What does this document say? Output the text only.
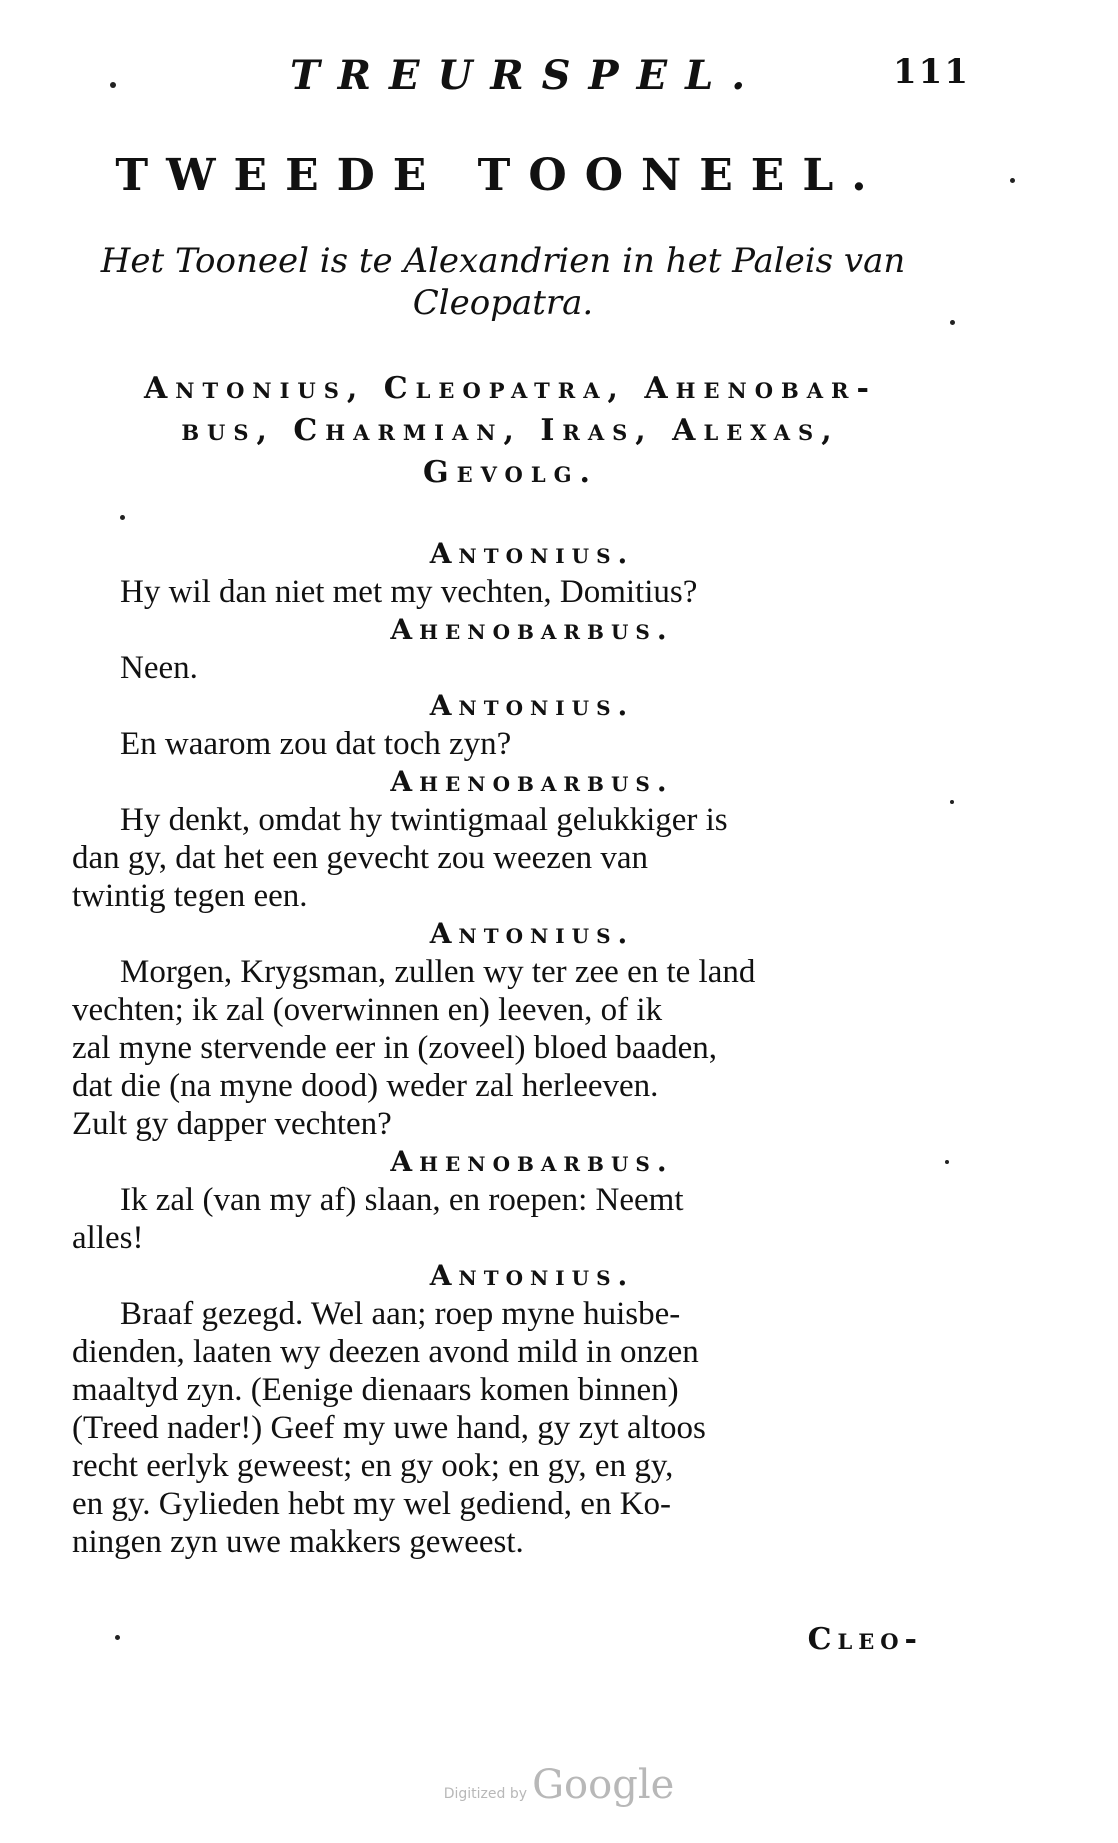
TREURSPEL.	111
TWEEDE TOONEEL.
Het Tooneel is te Alexandrien in het Paleis van
Cleopatra.
Antonius, Cleopatra, Ahenobar-
bus, Charmian, Iras, Alexas,
Gevolg.
Antonius.
Hy wil dan niet met my vechten, Domitius?
Ahenobarbus.
Neen.
Antonius.
En waarom zou dat toch zyn?
Ahenobarbus.
Hy denkt, omdat hy twintigmaal gelukkiger is
dan gy, dat het een gevecht zou weezen van
twintig tegen een.
Antonius.
Morgen, Krygsman, zullen wy ter zee en te land
vechten; ik zal (overwinnen en) leeven, of ik
zal myne stervende eer in (zoveel) bloed baaden,
dat die (na myne dood) weder zal herleeven.
Zult gy dapper vechten?
Ahenobarbus.
Ik zal (van my af) slaan, en roepen: Neemt
alles!
Antonius.
Braaf gezegd. Wel aan; roep myne huisbe-
dienden, laaten wy deezen avond mild in onzen
maaltyd zyn. (Eenige dienaars komen binnen)
(Treed nader!) Geef my uwe hand, gy zyt altoos
recht eerlyk geweest; en gy ook; en gy, en gy,
en gy. Gylieden hebt my wel gediend, en Ko-
ningen zyn uwe makkers geweest.
Cleo-
Digitized by Google
